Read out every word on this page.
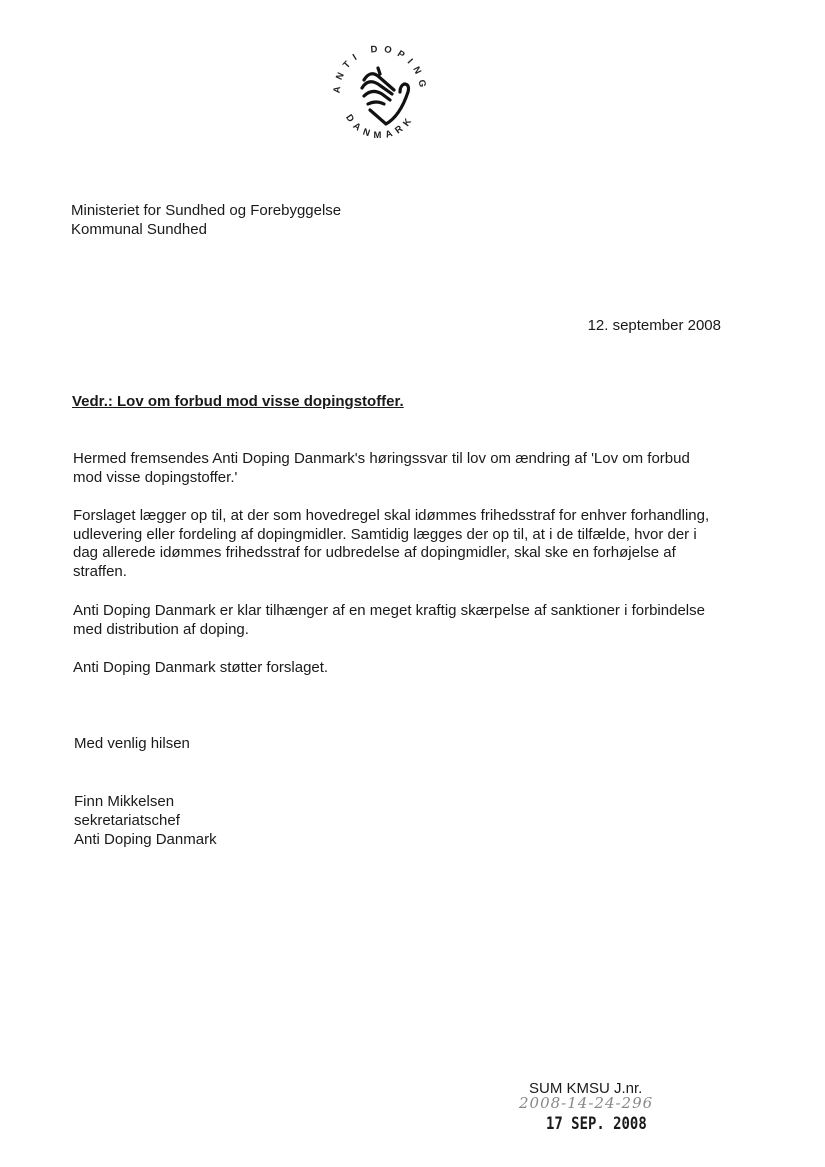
ANTI DOPING
DANMARK
Ministeriet for Sundhed og Forebyggelse
Kommunal Sundhed
12. september 2008
Vedr.: Lov om forbud mod visse dopingstoffer.
Hermed fremsendes Anti Doping Danmark's høringssvar til lov om ændring af 'Lov om forbud mod visse dopingstoffer.'
Forslaget lægger op til, at der som hovedregel skal idømmes frihedsstraf for enhver forhandling, udlevering eller fordeling af dopingmidler. Samtidig lægges der op til, at i de tilfælde, hvor der i dag allerede idømmes frihedsstraf for udbredelse af dopingmidler, skal ske en forhøjelse af straffen.
Anti Doping Danmark er klar tilhænger af en meget kraftig skærpelse af sanktioner i forbindelse med distribution af doping.
Anti Doping Danmark støtter forslaget.
Med venlig hilsen
Finn Mikkelsen
sekretariatschef
Anti Doping Danmark
SUM KMSU J.nr.
2008-14-24-296
17 SEP. 2008
